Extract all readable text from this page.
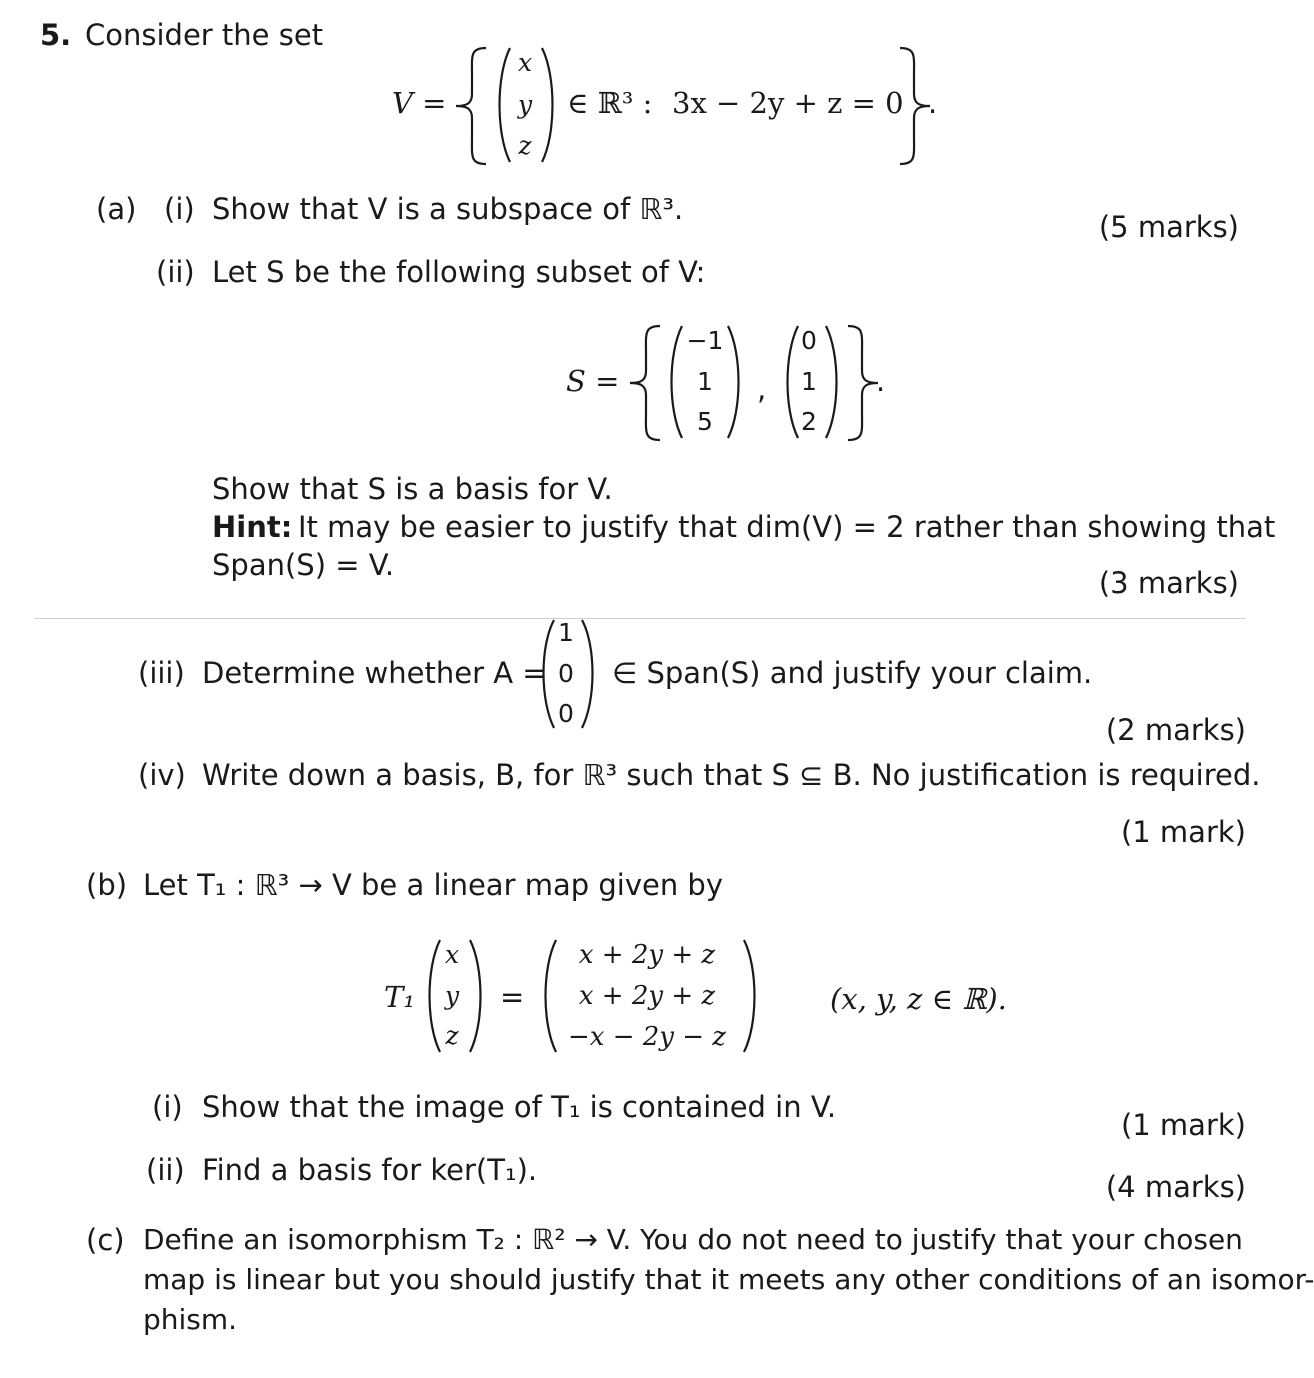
5. Consider the set
V =
x
y
z
∈ ℝ³ : 3x − 2y + z = 0 .
(a) (i) Show that V is a subspace of ℝ³.
(5 marks)
(ii) Let S be the following subset of V:
S =
−1
1
5
,
0
1
2
.
Show that S is a basis for V.
Hint: It may be easier to justify that dim(V) = 2 rather than showing that
Span(S) = V.
(3 marks)
(iii) Determine whether A =
1
0
0
∈ Span(S) and justify your claim.
(2 marks)
(iv) Write down a basis, B, for ℝ³ such that S ⊆ B. No justification is required.
(1 mark)
(b) Let T₁ : ℝ³ → V be a linear map given by
T₁
x
y
z
=
x + 2y + z
x + 2y + z
−x − 2y − z
(x, y, z ∈ ℝ).
(i) Show that the image of T₁ is contained in V.
(1 mark)
(ii) Find a basis for ker(T₁).	(4 marks)
(c) Define an isomorphism T₂ : ℝ² → V. You do not need to justify that your chosen
map is linear but you should justify that it meets any other conditions of an isomor-
phism.
